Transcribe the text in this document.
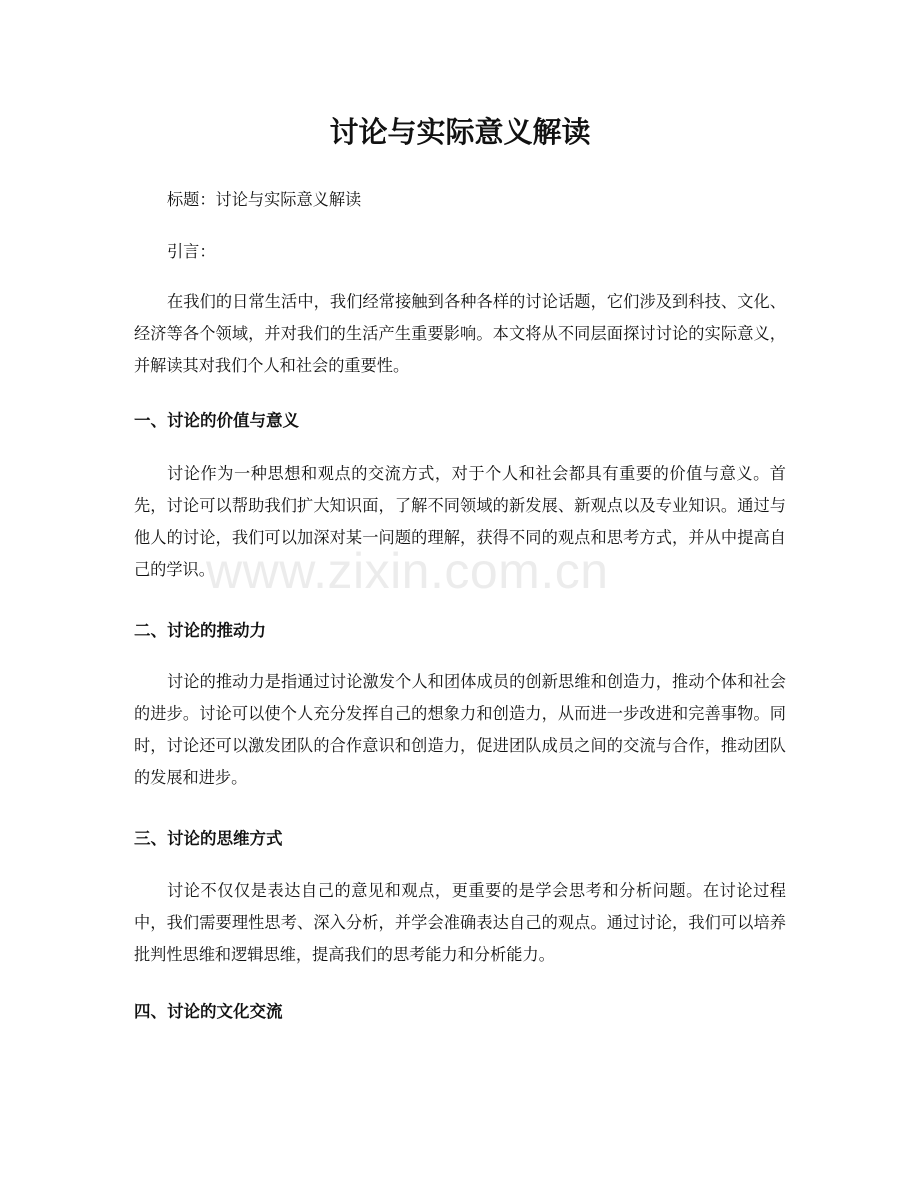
讨论与实际意义解读

标题：讨论与实际意义解读

引言：

在我们的日常生活中，我们经常接触到各种各样的讨论话题，它们涉及到科技、文化、经济等各个领域，并对我们的生活产生重要影响。本文将从不同层面探讨讨论的实际意义，并解读其对我们个人和社会的重要性。

一、讨论的价值与意义

讨论作为一种思想和观点的交流方式，对于个人和社会都具有重要的价值与意义。首先，讨论可以帮助我们扩大知识面，了解不同领域的新发展、新观点以及专业知识。通过与他人的讨论，我们可以加深对某一问题的理解，获得不同的观点和思考方式，并从中提高自己的学识。

二、讨论的推动力

讨论的推动力是指通过讨论激发个人和团体成员的创新思维和创造力，推动个体和社会的进步。讨论可以使个人充分发挥自己的想象力和创造力，从而进一步改进和完善事物。同时，讨论还可以激发团队的合作意识和创造力，促进团队成员之间的交流与合作，推动团队的发展和进步。

三、讨论的思维方式

讨论不仅仅是表达自己的意见和观点，更重要的是学会思考和分析问题。在讨论过程中，我们需要理性思考、深入分析，并学会准确表达自己的观点。通过讨论，我们可以培养批判性思维和逻辑思维，提高我们的思考能力和分析能力。

四、讨论的文化交流
www.zixin.com.cn
